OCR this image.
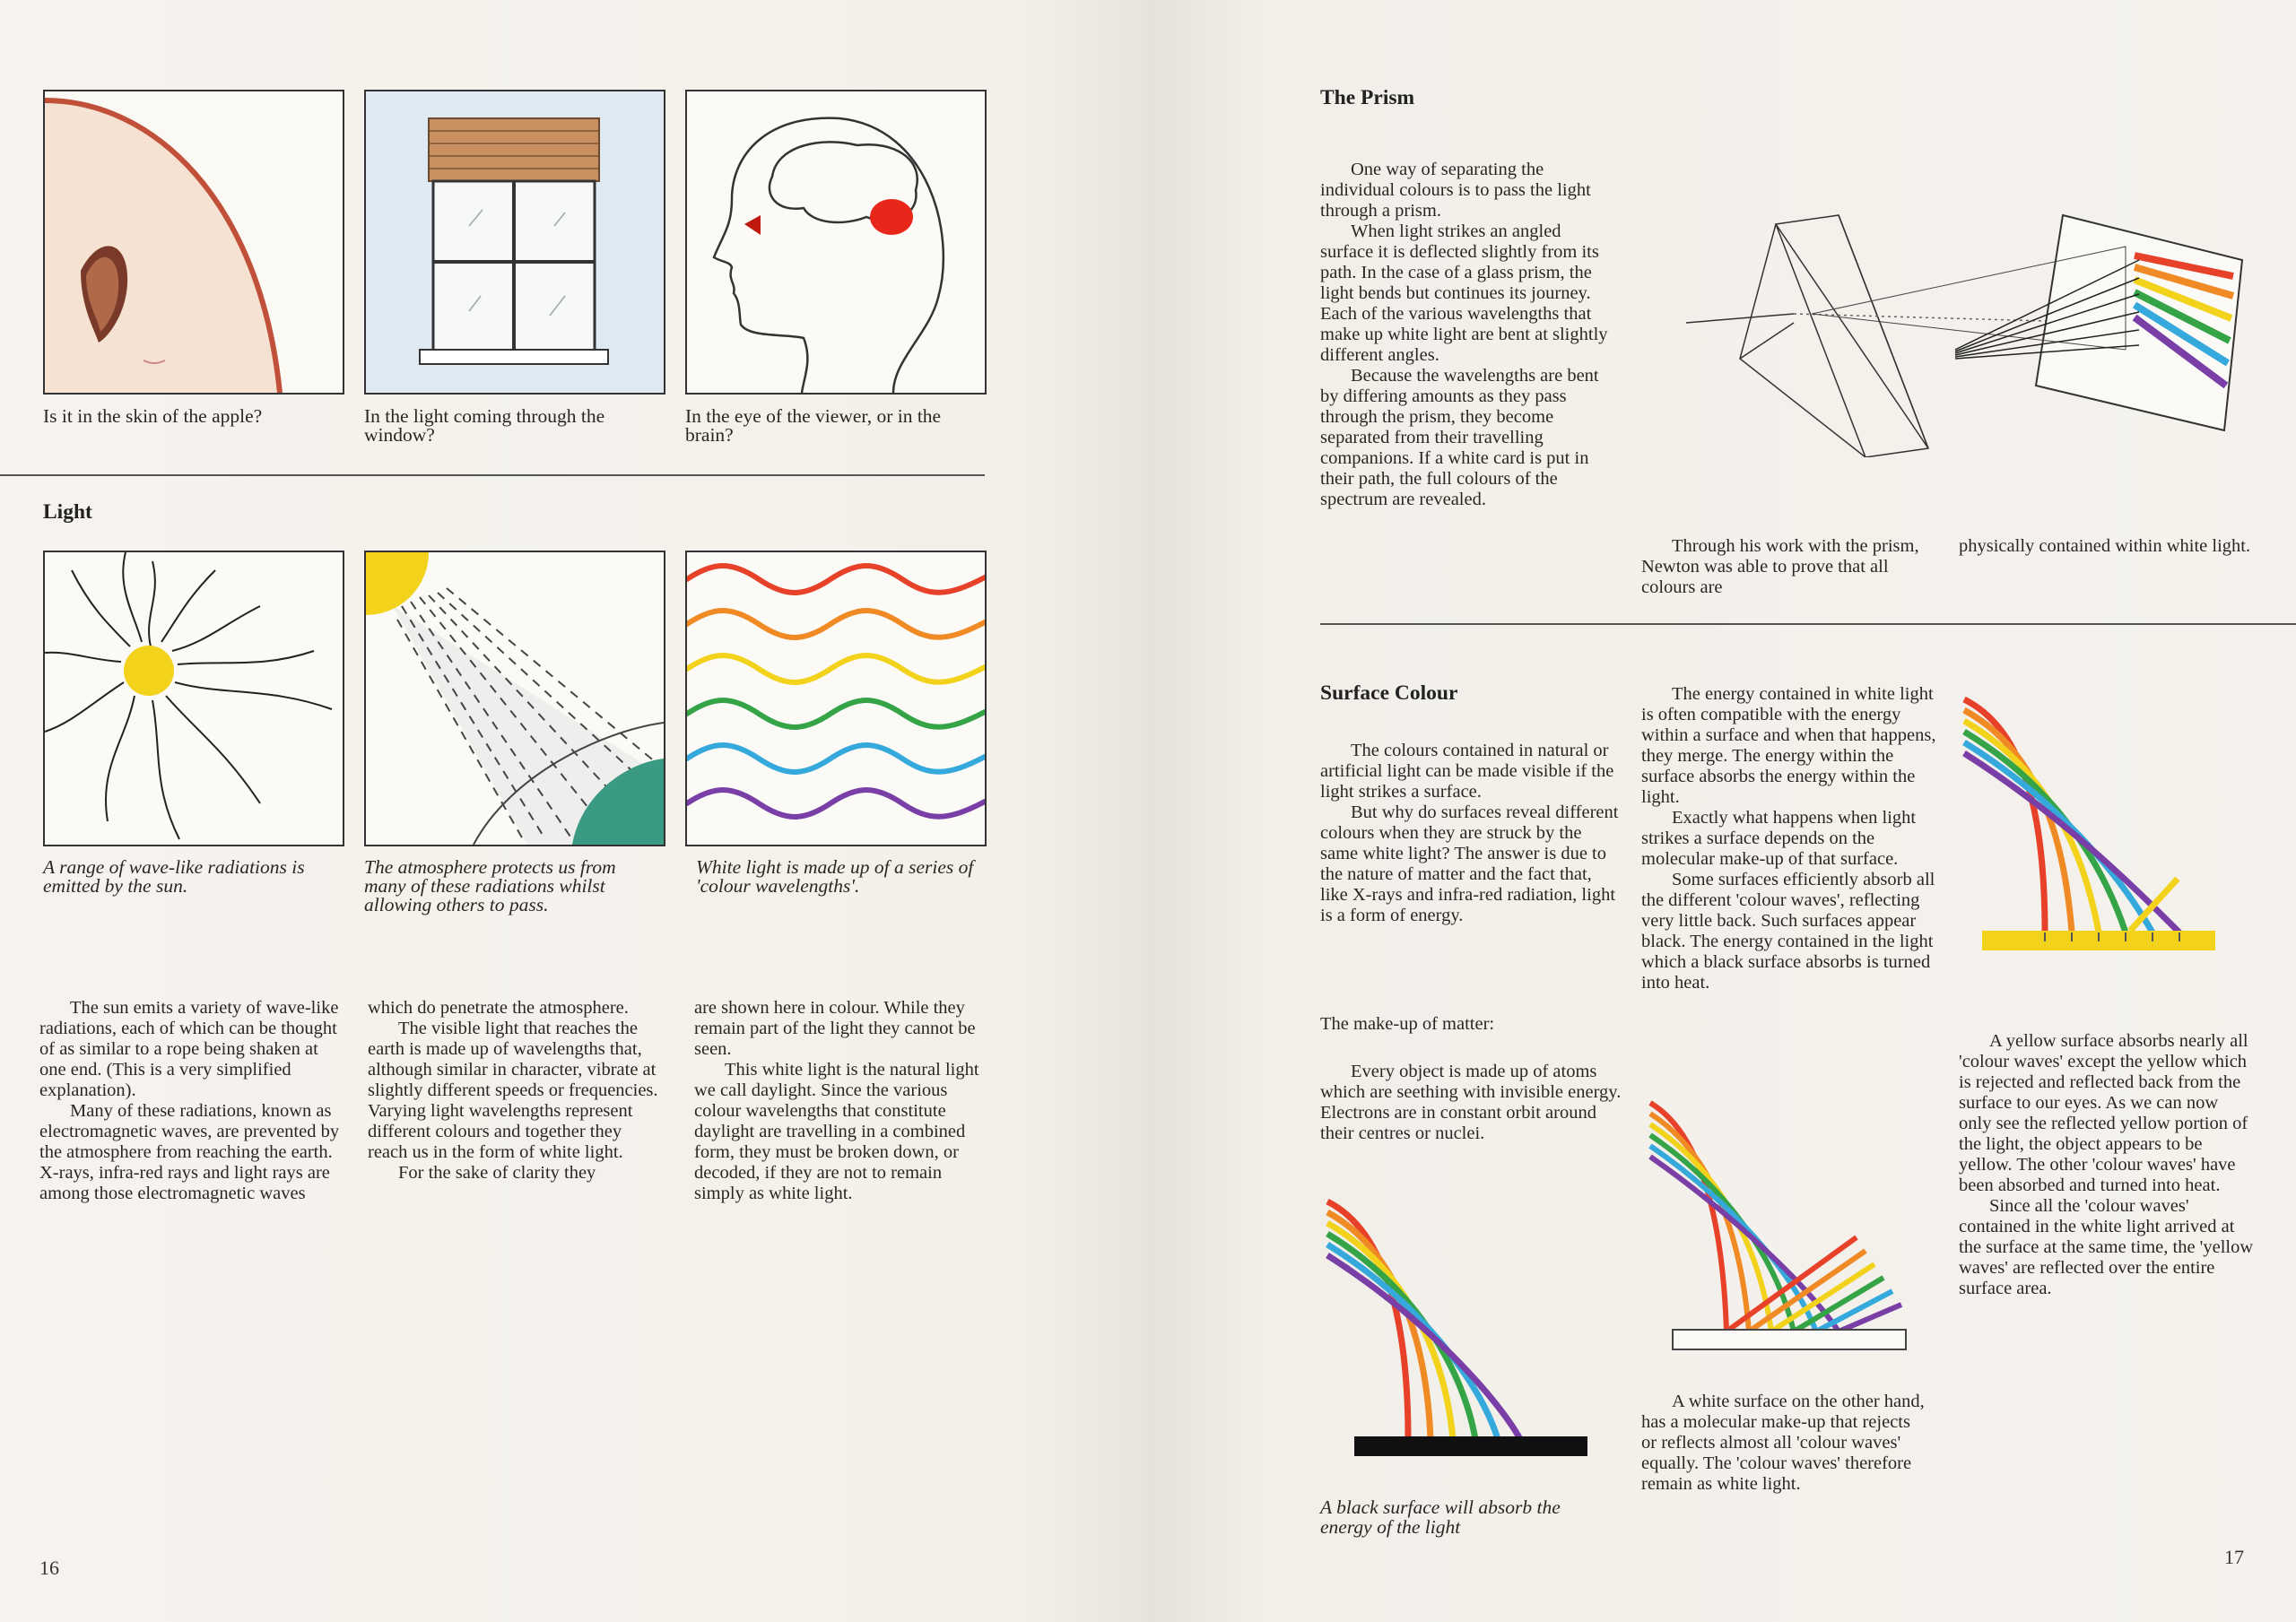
Is it in the skin of the apple?	In the light coming through the window?
In the eye of the viewer, or in the brain?
Light
A range of wave-like radiations is emitted by the sun.
The atmosphere protects us from many of these radiations whilst allowing others to pass.
White light is made up of a series of 'colour wavelengths'.

The sun emits a variety of wave-like radiations, each of which can be thought of as similar to a rope being shaken at one end. (This is a very simplified explanation).

Many of these radiations, known as electromagnetic waves, are prevented by the atmosphere from reaching the earth. X-rays, infra-red rays and light rays are among those electromagnetic waves

which do penetrate the atmosphere.

The visible light that reaches the earth is made up of wavelengths that, although similar in character, vibrate at slightly different speeds or frequencies. Varying light wavelengths represent different colours and together they reach us in the form of white light.

For the sake of clarity they

are shown here in colour. While they remain part of the light they cannot be seen.

This white light is the natural light we call daylight. Since the various colour wavelengths that constitute daylight are travelling in a combined form, they must be broken down, or decoded, if they are not to remain simply as white light.

16
The Prism

One way of separating the individual colours is to pass the light through a prism.

When light strikes an angled surface it is deflected slightly from its path. In the case of a glass prism, the light bends but continues its journey. Each of the various wavelengths that make up white light are bent at slightly different angles.

Because the wavelengths are bent by differing amounts as they pass through the prism, they become separated from their travelling companions. If a white card is put in their path, the full colours of the spectrum are revealed.

Through his work with the prism, Newton was able to prove that all colours are

physically contained within white light.

Surface Colour

The colours contained in natural or artificial light can be made visible if the light strikes a surface.

But why do surfaces reveal different colours when they are struck by the same white light? The answer is due to the nature of matter and the fact that, like X-rays and infra-red radiation, light is a form of energy.

The make-up of matter:

Every object is made up of atoms which are seething with invisible energy. Electrons are in constant orbit around their centres or nuclei.

The energy contained in white light is often compatible with the energy within a surface and when that happens, they merge. The energy within the surface absorbs the energy within the light.

Exactly what happens when light strikes a surface depends on the molecular make-up of that surface.

Some surfaces efficiently absorb all the different 'colour waves', reflecting very little back. Such surfaces appear black. The energy contained in the light which a black surface absorbs is turned into heat.

A yellow surface absorbs nearly all 'colour waves' except the yellow which is rejected and reflected back from the surface to our eyes. As we can now only see the reflected yellow portion of the light, the object appears to be yellow. The other 'colour waves' have been absorbed and turned into heat.

Since all the 'colour waves' contained in the white light arrived at the surface at the same time, the 'yellow waves' are reflected over the entire surface area.

A white surface on the other hand, has a molecular make-up that rejects or reflects almost all 'colour waves' equally. The 'colour waves' therefore remain as white light.

A black surface will absorb the energy of the light
17
